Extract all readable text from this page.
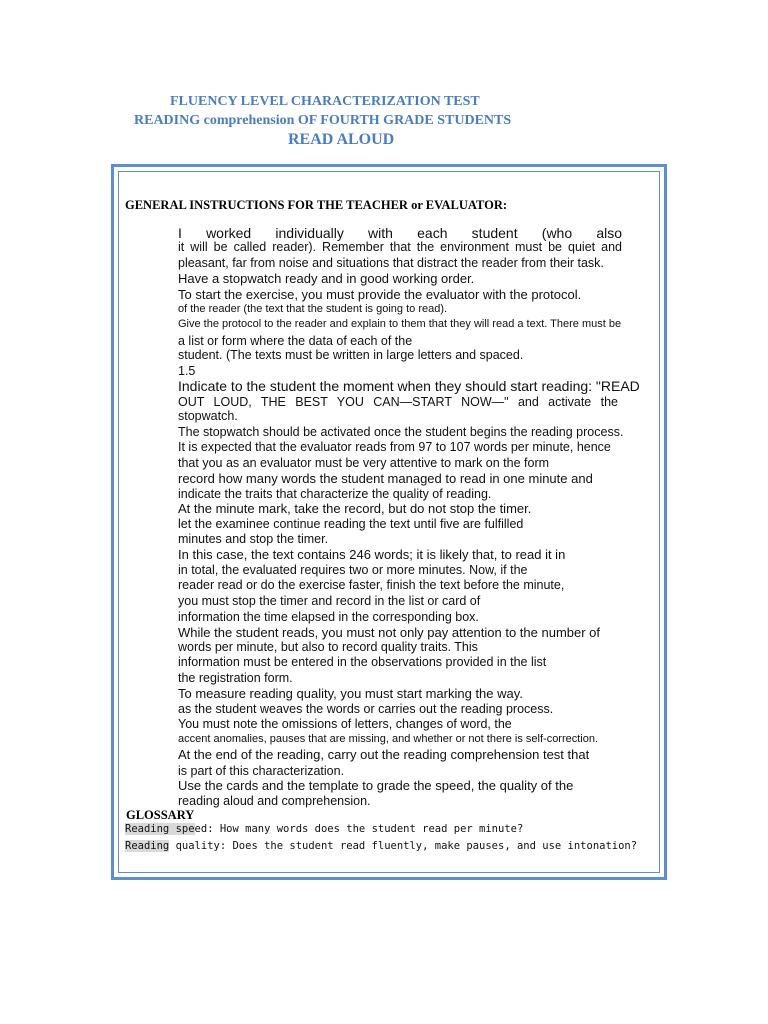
FLUENCY LEVEL CHARACTERIZATION TEST

READING comprehension OF FOURTH GRADE STUDENTS

READ ALOUD

GENERAL INSTRUCTIONS FOR THE TEACHER or EVALUATOR:

I worked individually with each student (who also

it will be called reader). Remember that the environment must be quiet and

pleasant, far from noise and situations that distract the reader from their task.

Have a stopwatch ready and in good working order.

To start the exercise, you must provide the evaluator with the protocol.

of the reader (the text that the student is going to read).

Give the protocol to the reader and explain to them that they will read a text. There must be

a list or form where the data of each of the

student. (The texts must be written in large letters and spaced.

1.5

Indicate to the student the moment when they should start reading: "READ

OUT LOUD, THE BEST YOU CAN—START NOW—" and activate the

stopwatch.

The stopwatch should be activated once the student begins the reading process.

It is expected that the evaluator reads from 97 to 107 words per minute, hence

that you as an evaluator must be very attentive to mark on the form

record how many words the student managed to read in one minute and

indicate the traits that characterize the quality of reading.

At the minute mark, take the record, but do not stop the timer.

let the examinee continue reading the text until five are fulfilled

minutes and stop the timer.

In this case, the text contains 246 words; it is likely that, to read it in

in total, the evaluated requires two or more minutes. Now, if the

reader read or do the exercise faster, finish the text before the minute,

you must stop the timer and record in the list or card of

information the time elapsed in the corresponding box.

While the student reads, you must not only pay attention to the number of

words per minute, but also to record quality traits. This

information must be entered in the observations provided in the list

the registration form.

To measure reading quality, you must start marking the way.

as the student weaves the words or carries out the reading process.

You must note the omissions of letters, changes of word, the

accent anomalies, pauses that are missing, and whether or not there is self-correction.

At the end of the reading, carry out the reading comprehension test that

is part of this characterization.

Use the cards and the template to grade the speed, the quality of the

reading aloud and comprehension.

GLOSSARY

Reading speed: How many words does the student read per minute?
Reading quality: Does the student read fluently, make pauses, and use intonation?
